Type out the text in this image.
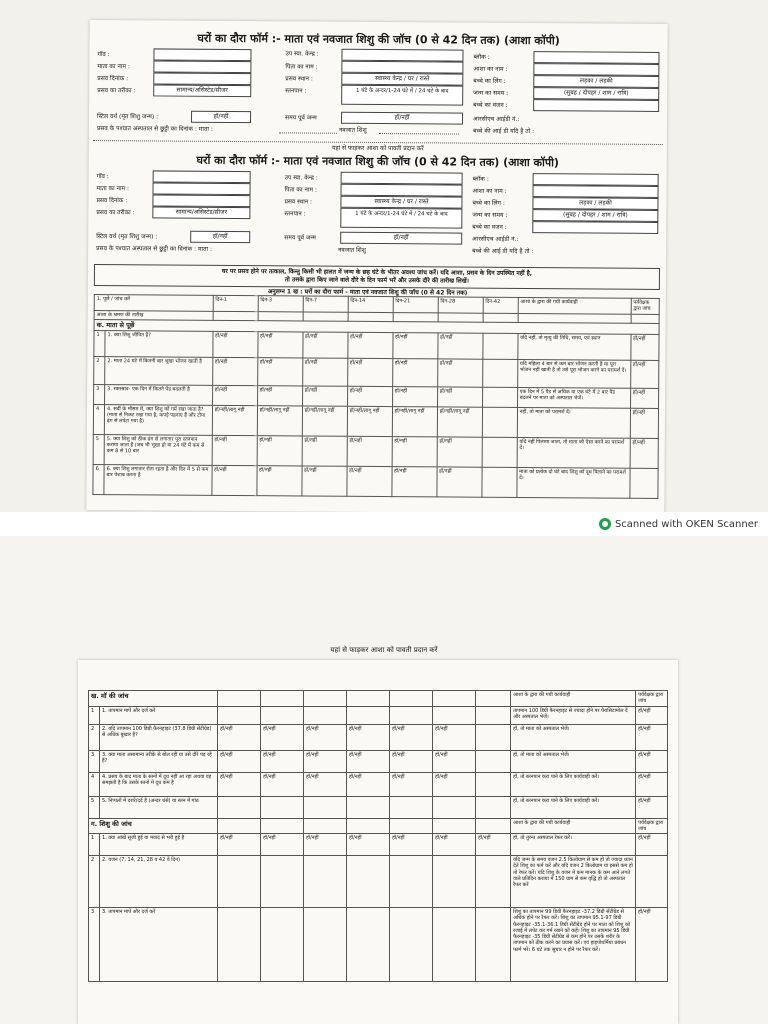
घरों का दौरा फॉर्म :- माता एवं नवजात शिशु की जॉच (0 से 42 दिन तक) (आशा कॉपी)
गॉव :	उप स्वा. केन्द्र :	ब्लॉक :
माता का नाम :	पिता का नाम :	आशा का नाम :
प्रसव दिनांक :	प्रसव स्थान :	स्वास्थ्य केन्द्र / घर / रास्ते	बच्चे का लिंग :	लड़का / लड़की
प्रसव का तरीका :	सामान्य/असिस्टेड/सीजर	स्तनपान :	1 घंटे के अन्दर/1-24 घंटे में / 24 घंटे के बाद	जन्म का समय :	(सुबह / दोपहर / शाम / रात्रि)
बच्चे का वजन :
स्टिल वर्थ (मृत शिशु जन्म) :	हॉ/नहीं	समय पूर्व जन्म	हॉ/नहीं	आरसीएच आईडी नं.:
प्रसव के पश्चात अस्पताल से छुट्टी का दिनांक : माता :	नवजात शिशु	बच्चे की आई डी यदि है तो :
यहां से फाड़कर आशा को पावती प्रदान करें
घरों का दौरा फॉर्म :- माता एवं नवजात शिशु की जॉच (0 से 42 दिन तक) (आशा कॉपी)
गॉव :	उप स्वा. केन्द्र :	ब्लॉक :
माता का नाम :	पिता का नाम :	आशा का नाम :
प्रसव दिनांक :	प्रसव स्थान :	स्वास्थ्य केन्द्र / घर / रास्ते	बच्चे का लिंग :	लड़का / लड़की
प्रसव का तरीका :	सामान्य/असिस्टेड/सीजर	स्तनपान :	1 घंटे के अन्दर/1-24 घंटे में / 24 घंटे के बाद	जन्म का समय :	(सुबह / दोपहर / शाम / रात्रि)
बच्चे का वजन :
स्टिल वर्थ (मृत शिशु जन्म) :	हॉ/नहीं	समय पूर्व जन्म	हॉ/नहीं	आरसीएच आईडी नं.:
प्रसव के पश्चात अस्पताल से छुट्टी का दिनांक : माता :	नवजात शिशु	बच्चे की आई डी यदि है तो :
घर पर प्रसव होने पर तत्काल, किन्तु किसी भी हालत में जन्म के छह घंटे के भीतर अवश्य जांच करें। यदि आशा, प्रसव के दिन उपस्थित नहीं है,
तो उसके द्वारा किए जाने वाले दौरे के दिन फार्म भरें और उसके दौरे की तारीख लिखें।
अनुलग्न 1 ख : घरों का दौरा फार्म - माता एवं नवजात शिशु की जॉच (0 से 42 दिन तक)
1. पूछें / जांच करें		दिन-1	दिन-3	दिन-7	दिन-14	दिन-21	दिन-28	दिन-42	आशा के द्वारा की गयी कार्यवाही	पर्यवेक्षक द्वारा जांच
आशा के भ्रमण की तारीख										
क. माता से पूछें										
1	1. क्या शिशु जीवित है?	हॉ/नहीं	हॉ/नहीं	हॉ/नहीं	हॉ/नहीं	हॉ/नहीं	हॉ/नहीं		यदि नहीं, तो मृत्यु की तिथि, समय, एवं स्थान	हॉ/नहीं
2	2. माता 24 घंटे में कितनी बार भूखा भोजन खाती है	हॉ/नहीं	हॉ/नहीं	हॉ/नहीं	हॉ/नहीं	हॉ/नहीं	हॉ/नहीं		यदि महिला 4 बार से कम बार भोजन करती है या पूरा भोजन नहीं खाती है तो उसे पूरा भोजन करने का परामर्श दें।	हॉ/नहीं
3	3. रक्तस्राव- एक दिन में कितने पेड बदलती है	हॉ/नहीं	हॉ/नहीं	हॉ/नहीं	हॉ/नहीं	हॉ/नहीं	हॉ/नहीं		एक दिन में 5 पैड से अधिक या एक घंटे में 2 बार पैड बदलने पर माता को अस्पताल भेजें।	हॉ/नहीं
4	4. सर्दी के मौसम में, क्या शिशु को गर्म रखा जाता है? (माता से निकट रखा गया है, कपड़े पहनाए हैं और टोपा ढ़ंग से लपेटा गया है)	हॉ/नहीं/लागू नहीं	हॉ/नहीं/लागू नहीं	हॉ/नहीं/लागू नहीं	हॉ/नहीं/लागू नहीं	हॉ/नहीं/लागू नहीं	हॉ/नहीं/लागू नहीं		नहीं, तो माता को परामर्श दें।	हॉ/नहीं
5	5. क्या शिशु को ठीक ढंग से लगातार पूरा स्तनपान कराया जाता है (जब भी भूखा हो या 24 घंटे में कम से कम 8 से 10 बार	हॉ/नहीं	हॉ/नहीं	हॉ/नहीं	हॉ/नहीं	हॉ/नहीं	हॉ/नहीं		यदि नहीं पिलाया जाता, तो माता को ऐसा करने का परामर्श दें।	हॉ/नहीं
6	6. क्या शिशु लगातार रोता रहता है और दिन में 5 से कम बार पेशाब करता है	हॉ/नहीं	हॉ/नहीं	हॉ/नहीं	हॉ/नहीं	हॉ/नहीं	हॉ/नहीं		माता को प्रत्येक दो घंटे बाद शिशु को दूध पिलाने का परामर्श दें।	
Scanned with OKEN Scanner
यहां से फाड़कर आशा को पावती प्रदान करें
ख. मॉ की जांच									आशा के द्वारा की गयी कार्यवाही	पर्यवेक्षक द्वारा जांच
1	1. तापमान मापें और दर्ज करें								तापमान 100 डिग्री फैरनहाइट से ज्यादा होने पर पैरासिटामोल दें और अस्पताल भेजें।	हॉ/नहीं
2	2. यदि तापमान 100 डिग्री फैरनहाइट (37.8 डिग्री सेंटीग्रेड) से अधिक बुखार है?	हॉ/नहीं	हॉ/नहीं	हॉ/नहीं	हॉ/नहीं	हॉ/नहीं	हॉ/नहीं		हॉ, तो माता को अस्पताल भेजें।	हॉ/नहीं
3	3. क्या माता असामान्य तरीके से बोल रही या उसे दौरे पड़ रहे हैं?	हॉ/नहीं	हॉ/नहीं	हॉ/नहीं	हॉ/नहीं	हॉ/नहीं	हॉ/नहीं		हॉ, तो माता को अस्पताल भेजें।	हॉ/नहीं
4	4. प्रसव के बाद माता के स्तनों में दूध नहीं आ रहा अथवा वह समझती है कि उसके स्तनों में दूध कम है	हॉ/नहीं	हॉ/नहीं	हॉ/नहीं	हॉ/नहीं	हॉ/नहीं	हॉ/नहीं		हॉ, तो स्तनपान करा पाने के लिए कार्यवाही करें।	हॉ/नहीं
5	5. निप्पलों में दरारें/दर्द है (अन्दर धंसे) या स्तन में गांठ								हॉ, तो स्तनपान करा पाने के लिए कार्यवाही करें।	हॉ/नहीं
ग. शिशु की जांच									आशा के द्वारा की गयी कार्यवाही	पर्यवेक्षक द्वारा जांच
1	1. क्या आंखें सूजी हुई या मवाद से भरी हुई है	हॉ/नहीं	हॉ/नहीं	हॉ/नहीं	हॉ/नहीं	हॉ/नहीं	हॉ/नहीं	हॉ/नहीं	हॉ, तो तुरन्त अस्पताल रेफर करें।	हॉ/नहीं
2	2. वजन (7, 14, 21, 28 व 42 वें दिन)								यदि जन्म के समय वजन 2.5 किलोग्राम से कम हो तो ज्यादा ध्यान देते शिशु का फर्म करें और यदि वजन 2 किलोग्राम या इससे कम हो तो रेफर करें। यदि शिशु के वजन में कम मानक के कम आने लगते वाले प्रतिदिन कराया में 150 ग्राम से कम वृद्धि हो तो अस्पताल रैफर करें	
3	3. तापमान मापें और दर्ज करें								शिशु का तापमान 99 डिग्री फैरनहाइट -37.2 डिग्री सेंटीग्रेड से अधिक होने पर रैफर करें। शिशु का तापमान 95.1-97 डिग्री फैरनहाइट -35.1-36.1 डिग्री सेंटीग्रेड होने पर माता को शिशु को रजाई में लपेट कर गर्म रखने को कहें। शिशु का तापमान 95 डिग्री फैरनहाइट -35 डिग्री सेंटीग्रेड से कम होने पर उसके शरीर के तापमान को ठीक करने का प्रयास करें। एवं हाइपोथर्मिया प्रबंधन फार्म भरें। 6 घंटे तक सुधार न होने पर रैफर करें।	हॉ/नहीं
